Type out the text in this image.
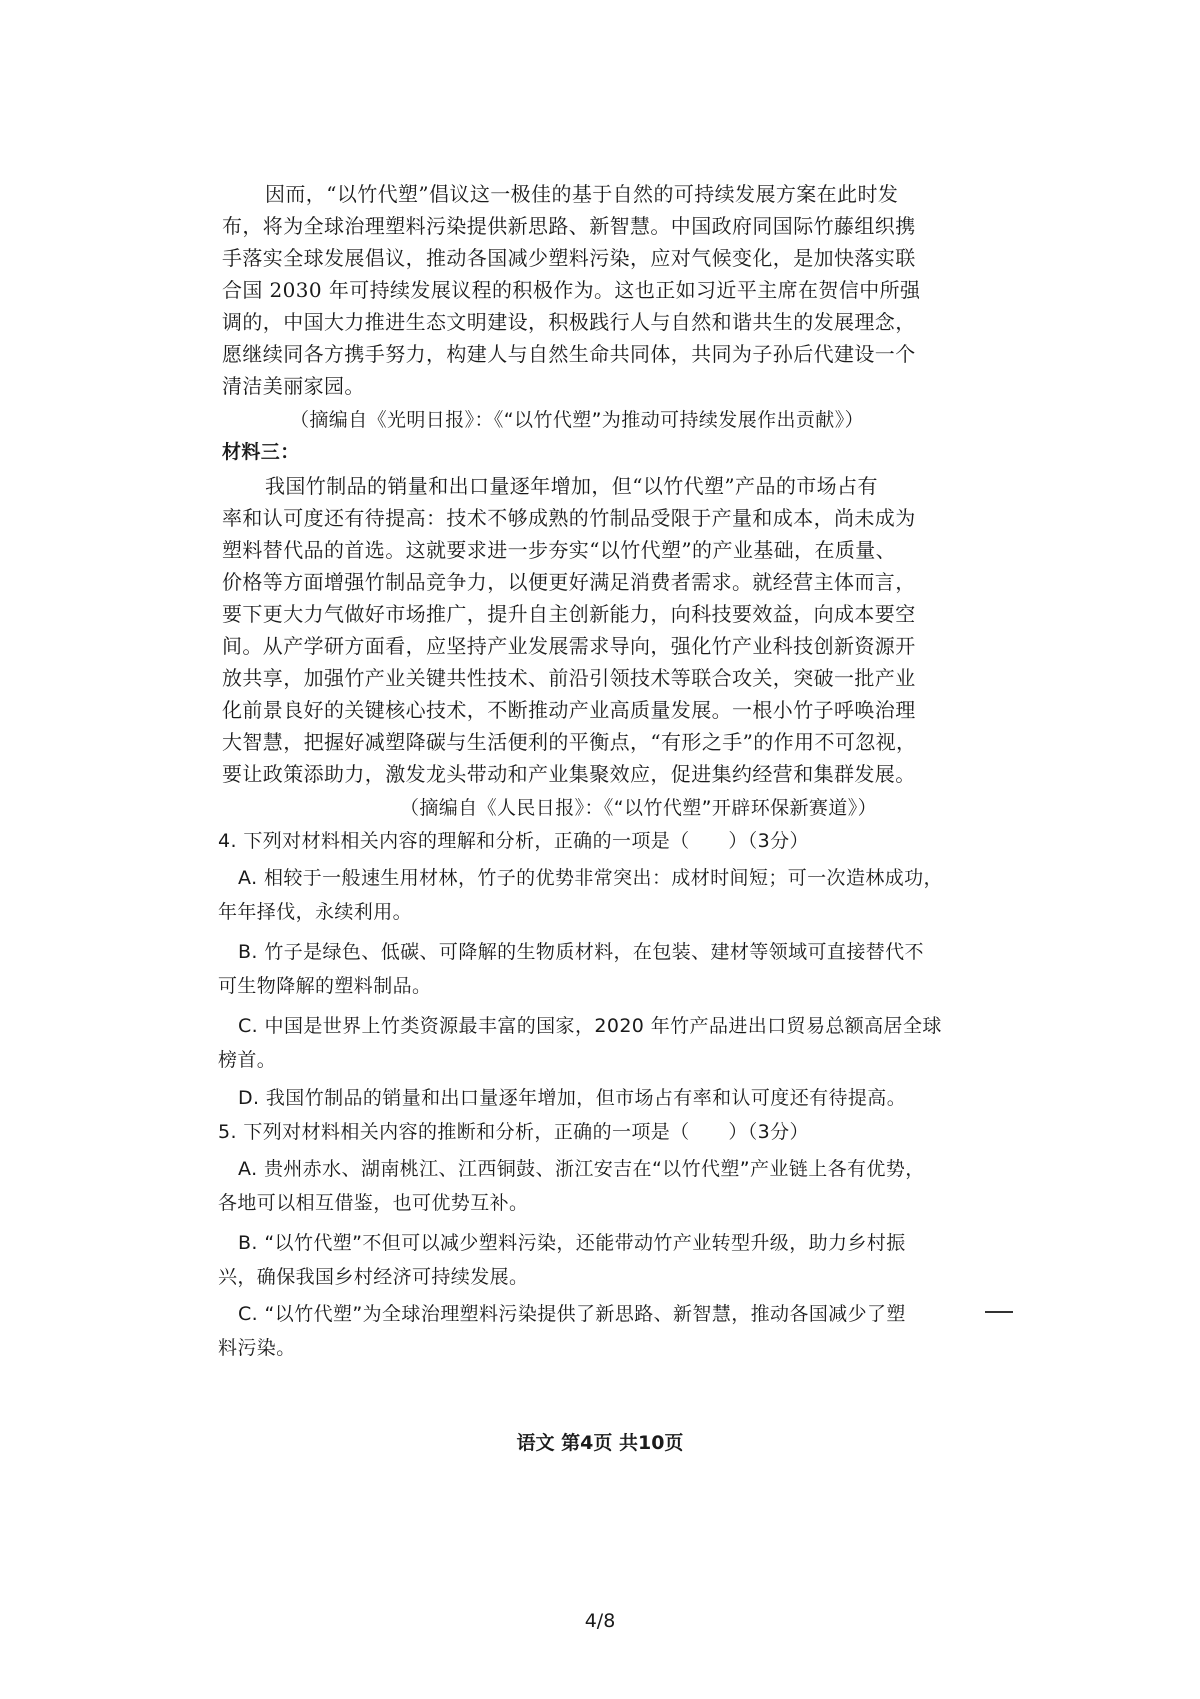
因而，“以竹代塑”倡议这一极佳的基于自然的可持续发展方案在此时发
布，将为全球治理塑料污染提供新思路、新智慧。中国政府同国际竹藤组织携
手落实全球发展倡议，推动各国减少塑料污染，应对气候变化，是加快落实联
合国 2030 年可持续发展议程的积极作为。这也正如习近平主席在贺信中所强
调的，中国大力推进生态文明建设，积极践行人与自然和谐共生的发展理念，
愿继续同各方携手努力，构建人与自然生命共同体，共同为子孙后代建设一个
清洁美丽家园。
（摘编自《光明日报》：《“以竹代塑”为推动可持续发展作出贡献》）
材料三：
我国竹制品的销量和出口量逐年增加，但“以竹代塑”产品的市场占有
率和认可度还有待提高：技术不够成熟的竹制品受限于产量和成本，尚未成为
塑料替代品的首选。这就要求进一步夯实“以竹代塑”的产业基础，在质量、
价格等方面增强竹制品竞争力，以便更好满足消费者需求。就经营主体而言，
要下更大力气做好市场推广，提升自主创新能力，向科技要效益，向成本要空
间。从产学研方面看，应坚持产业发展需求导向，强化竹产业科技创新资源开
放共享，加强竹产业关键共性技术、前沿引领技术等联合攻关，突破一批产业
化前景良好的关键核心技术，不断推动产业高质量发展。一根小竹子呼唤治理
大智慧，把握好减塑降碳与生活便利的平衡点，“有形之手”的作用不可忽视，
要让政策添助力，激发龙头带动和产业集聚效应，促进集约经营和集群发展。
（摘编自《人民日报》：《“以竹代塑”开辟环保新赛道》）
4. 下列对材料相关内容的理解和分析，正确的一项是（　　）（3分）
A. 相较于一般速生用材林，竹子的优势非常突出：成材时间短；可一次造林成功，
年年择伐，永续利用。
B. 竹子是绿色、低碳、可降解的生物质材料，在包装、建材等领域可直接替代不
可生物降解的塑料制品。
C. 中国是世界上竹类资源最丰富的国家，2020 年竹产品进出口贸易总额高居全球
榜首。
D. 我国竹制品的销量和出口量逐年增加，但市场占有率和认可度还有待提高。
5. 下列对材料相关内容的推断和分析，正确的一项是（　　）（3分）
A. 贵州赤水、湖南桃江、江西铜鼓、浙江安吉在“以竹代塑”产业链上各有优势，
各地可以相互借鉴，也可优势互补。
B. “以竹代塑”不但可以减少塑料污染，还能带动竹产业转型升级，助力乡村振
兴，确保我国乡村经济可持续发展。
C. “以竹代塑”为全球治理塑料污染提供了新思路、新智慧，推动各国减少了塑
料污染。
语文 第4页 共10页
4/8
